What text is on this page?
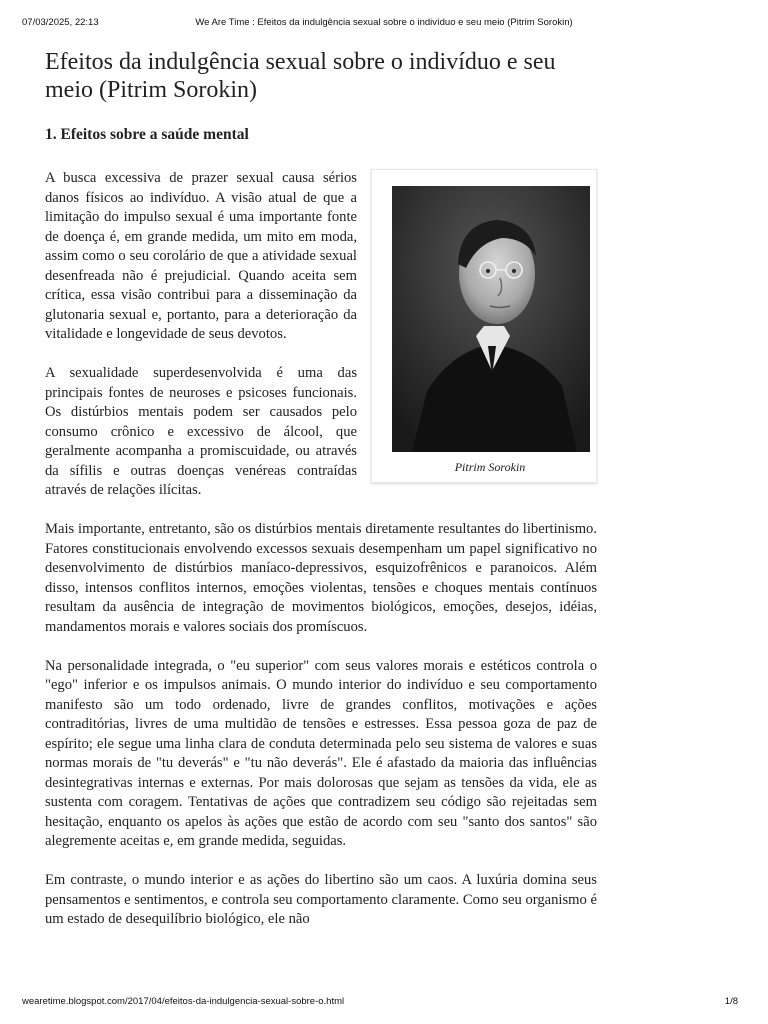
07/03/2025, 22:13	We Are Time : Efeitos da indulgência sexual sobre o indivíduo e seu meio (Pitrim Sorokin)
Efeitos da indulgência sexual sobre o indivíduo e seu meio (Pitrim Sorokin)
1. Efeitos sobre a saúde mental
Pitrim Sorokin

A busca excessiva de prazer sexual causa sérios danos físicos ao indivíduo. A visão atual de que a limitação do impulso sexual é uma importante fonte de doença é, em grande medida, um mito em moda, assim como o seu corolário de que a atividade sexual desenfreada não é prejudicial. Quando aceita sem crítica, essa visão contribui para a disseminação da glutonaria sexual e, portanto, para a deterioração da vitalidade e longevidade de seus devotos.

A sexualidade superdesenvolvida é uma das principais fontes de neuroses e psicoses funcionais. Os distúrbios mentais podem ser causados pelo consumo crônico e excessivo de álcool, que geralmente acompanha a promiscuidade, ou através da sífilis e outras doenças venéreas contraídas através de relações ilícitas.

Mais importante, entretanto, são os distúrbios mentais diretamente resultantes do libertinismo. Fatores constitucionais envolvendo excessos sexuais desempenham um papel significativo no desenvolvimento de distúrbios maníaco-depressivos, esquizofrênicos e paranoicos. Além disso, intensos conflitos internos, emoções violentas, tensões e choques mentais contínuos resultam da ausência de integração de movimentos biológicos, emoções, desejos, idéias, mandamentos morais e valores sociais dos promíscuos.

Na personalidade integrada, o "eu superior" com seus valores morais e estéticos controla o "ego" inferior e os impulsos animais. O mundo interior do indivíduo e seu comportamento manifesto são um todo ordenado, livre de grandes conflitos, motivações e ações contraditórias, livres de uma multidão de tensões e estresses. Essa pessoa goza de paz de espírito; ele segue uma linha clara de conduta determinada pelo seu sistema de valores e suas normas morais de "tu deverás" e "tu não deverás". Ele é afastado da maioria das influências desintegrativas internas e externas. Por mais dolorosas que sejam as tensões da vida, ele as sustenta com coragem. Tentativas de ações que contradizem seu código são rejeitadas sem hesitação, enquanto os apelos às ações que estão de acordo com seu "santo dos santos" são alegremente aceitas e, em grande medida, seguidas.

Em contraste, o mundo interior e as ações do libertino são um caos. A luxúria domina seus pensamentos e sentimentos, e controla seu comportamento claramente. Como seu organismo é um estado de desequilíbrio biológico, ele não

wearetime.blogspot.com/2017/04/efeitos-da-indulgencia-sexual-sobre-o.html	1/8
